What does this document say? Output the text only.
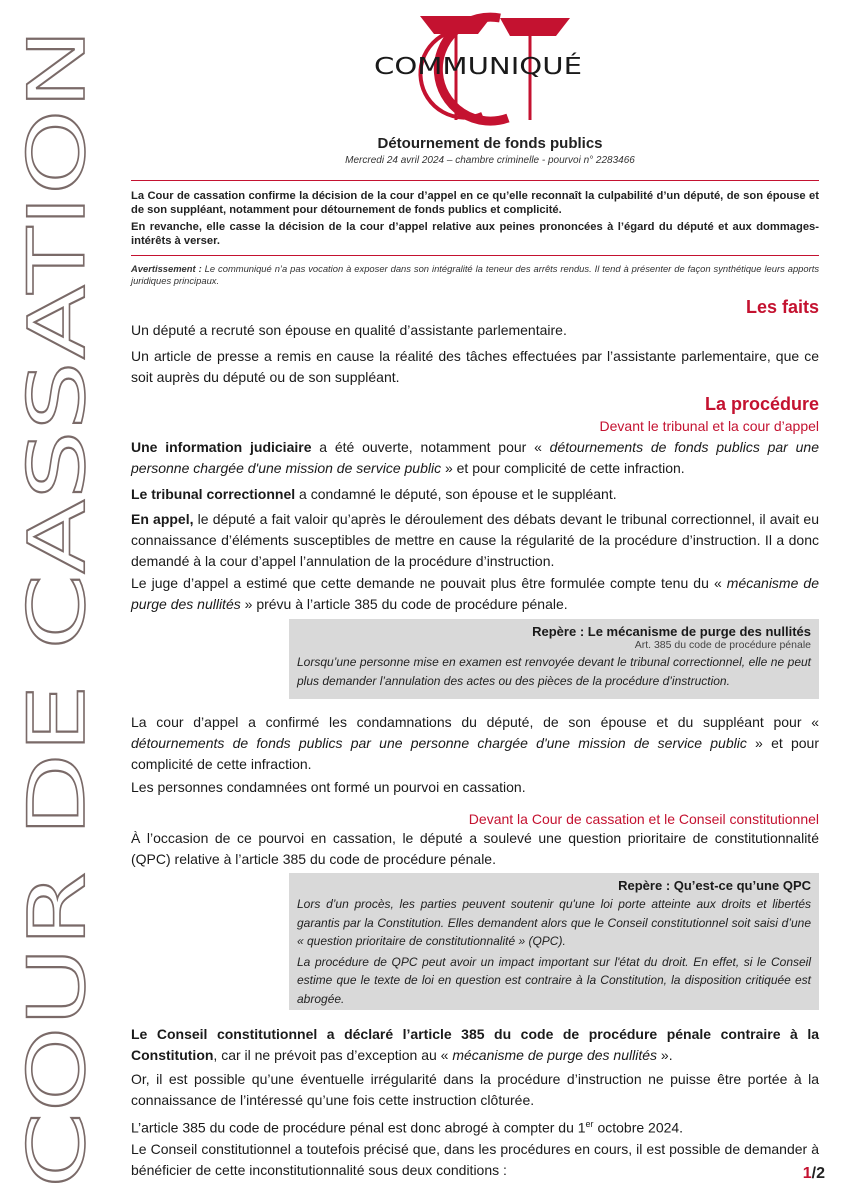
COUR DE CASSATION
COMMUNIQUÉ
Détournement de fonds publics
Mercredi 24 avril 2024 – chambre criminelle - pourvoi n° 2283466

La Cour de cassation confirme la décision de la cour d’appel en ce qu’elle reconnaît la culpabilité d’un député, de son épouse et de son suppléant, notamment pour détournement de fonds publics et complicité.

En revanche, elle casse la décision de la cour d’appel relative aux peines prononcées à l’égard du député et aux dommages-intérêts à verser.

Avertissement : Le communiqué n’a pas vocation à exposer dans son intégralité la teneur des arrêts rendus. Il tend à présenter de façon synthétique leurs apports juridiques principaux.

Les faits

Un député a recruté son épouse en qualité d’assistante parlementaire.

Un article de presse a remis en cause la réalité des tâches effectuées par l’assistante parlementaire, que ce soit auprès du député ou de son suppléant.

La procédure

Devant le tribunal et la cour d’appel

Une information judiciaire a été ouverte, notamment pour « détournements de fonds publics par une personne chargée d'une mission de service public » et pour complicité de cette infraction.

Le tribunal correctionnel a condamné le député, son épouse et le suppléant.

En appel, le député a fait valoir qu’après le déroulement des débats devant le tribunal correctionnel, il avait eu connaissance d’éléments susceptibles de mettre en cause la régularité de la procédure d’instruction. Il a donc demandé à la cour d’appel l’annulation de la procédure d’instruction.

Le juge d’appel a estimé que cette demande ne pouvait plus être formulée compte tenu du « mécanisme de purge des nullités » prévu à l’article 385 du code de procédure pénale.

Repère : Le mécanisme de purge des nullités

Art. 385 du code de procédure pénale

Lorsqu’une personne mise en examen est renvoyée devant le tribunal correctionnel, elle ne peut plus demander l’annulation des actes ou des pièces de la procédure d’instruction.

La cour d’appel a confirmé les condamnations du député, de son épouse et du suppléant pour « détournements de fonds publics par une personne chargée d'une mission de service public » et pour complicité de cette infraction.

Les personnes condamnées ont formé un pourvoi en cassation.

Devant la Cour de cassation et le Conseil constitutionnel

À l’occasion de ce pourvoi en cassation, le député a soulevé une question prioritaire de constitutionnalité (QPC) relative à l’article 385 du code de procédure pénale.

Repère : Qu’est-ce qu’une QPC

Lors d’un procès, les parties peuvent soutenir qu'une loi porte atteinte aux droits et libertés garantis par la Constitution. Elles demandent alors que le Conseil constitutionnel soit saisi d’une « question prioritaire de constitutionnalité » (QPC).

La procédure de QPC peut avoir un impact important sur l'état du droit. En effet, si le Conseil estime que le texte de loi en question est contraire à la Constitution, la disposition critiquée est abrogée.

Le Conseil constitutionnel a déclaré l’article 385 du code de procédure pénale contraire à la Constitution, car il ne prévoit pas d’exception au « mécanisme de purge des nullités ».

Or, il est possible qu’une éventuelle irrégularité dans la procédure d’instruction ne puisse être portée à la connaissance de l’intéressé qu’une fois cette instruction clôturée.

L’article 385 du code de procédure pénal est donc abrogé à compter du 1er octobre 2024.

Le Conseil constitutionnel a toutefois précisé que, dans les procédures en cours, il est possible de demander à bénéficier de cette inconstitutionnalité sous deux conditions :	1/2
